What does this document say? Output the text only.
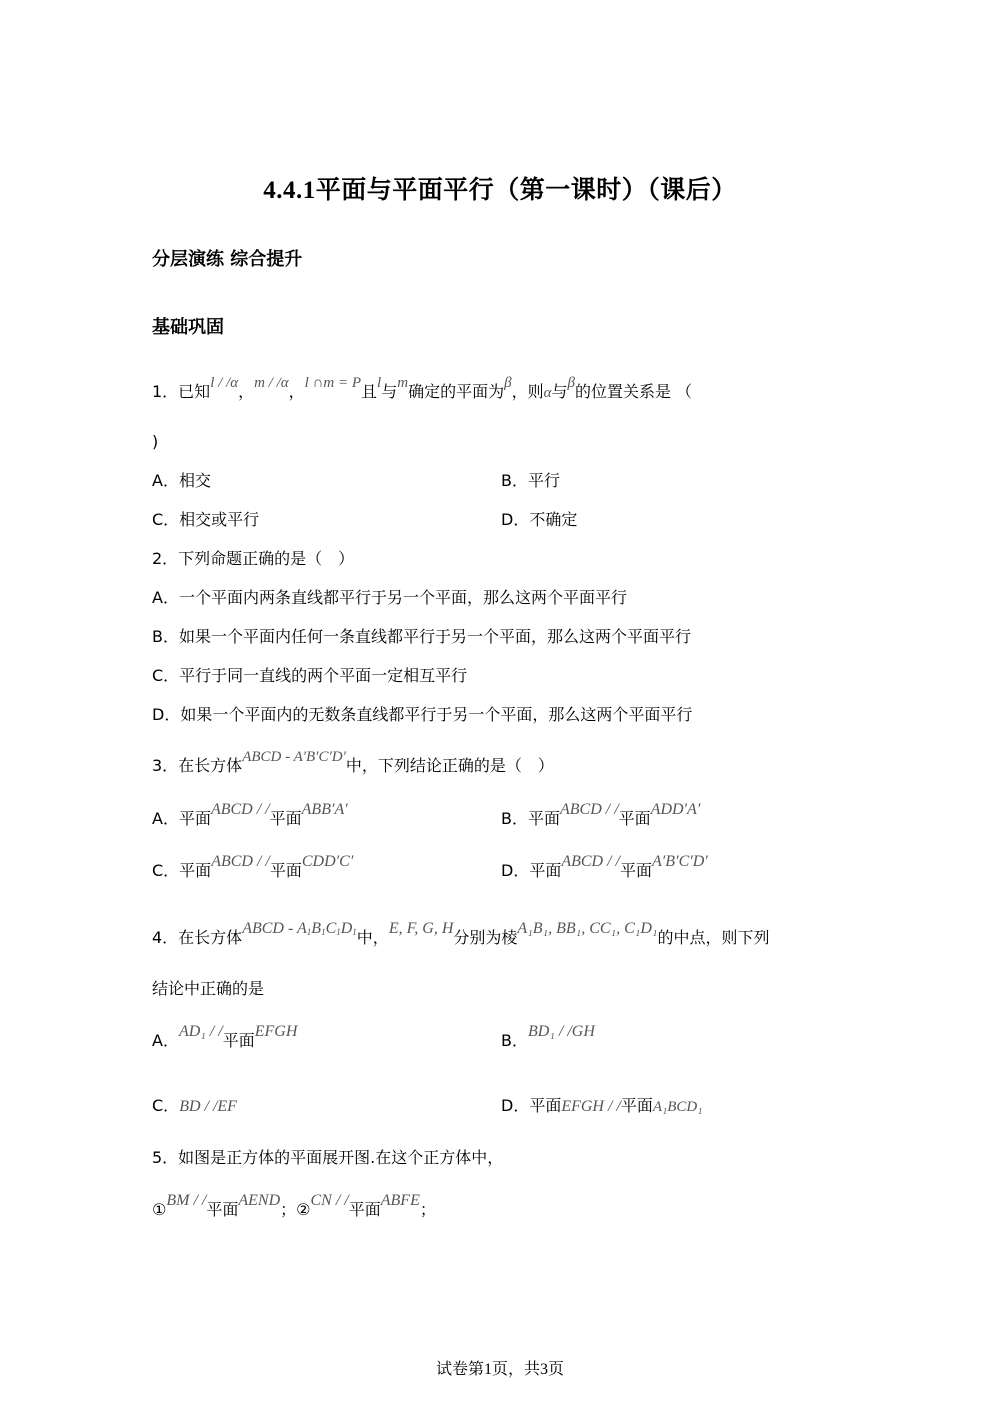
4.4.1平面与平面平行（第一课时）（课后）
分层演练 综合提升
基础巩固
1．已知l / /α，m / /α，l ∩m = P且l与m确定的平面为β，则α与β的位置关系是 （
)
A．相交	B．平行
C．相交或平行	D．不确定
2．下列命题正确的是（　）
A．一个平面内两条直线都平行于另一个平面，那么这两个平面平行
B．如果一个平面内任何一条直线都平行于另一个平面，那么这两个平面平行
C．平行于同一直线的两个平面一定相互平行
D．如果一个平面内的无数条直线都平行于另一个平面，那么这两个平面平行
3．在长方体ABCD - A′B′C′D′中，下列结论正确的是（　）
A．平面ABCD / /平面ABB′A′	B．平面ABCD / /平面ADD′A′
C．平面ABCD / /平面CDD′C′	D．平面ABCD / /平面A′B′C′D′
4．在长方体ABCD - $A_1B_1C_1D_1$中，E, F, G, H分别为棱A₁B₁, BB₁, CC₁, C₁D₁的中点，则下列
结论中正确的是
A．AD₁ / /平面EFGH	B．BD₁ / /GH
C．BD / /EF	D．平面EFGH / /平面A₁BCD₁
5．如图是正方体的平面展开图.在这个正方体中，
①BM / /平面AEND；②CN / /平面ABFE；
试卷第1页，共3页
